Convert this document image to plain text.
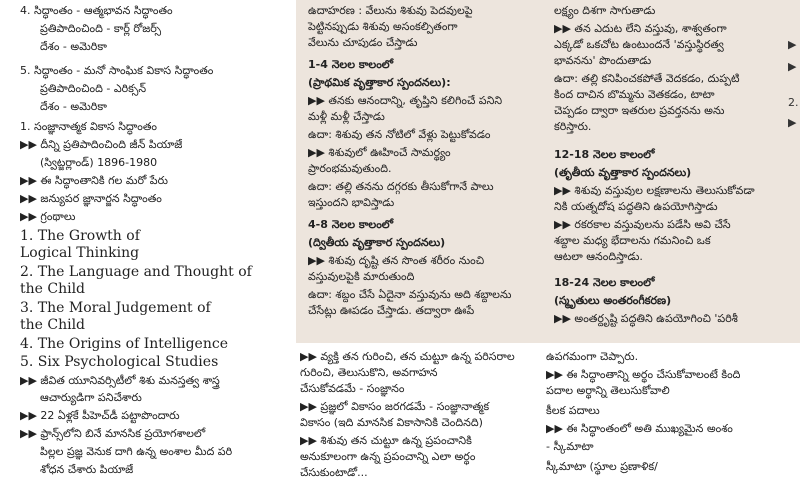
4. సిద్ధాంతం - ఆత్మభావన సిద్ధాంతం
ప్రతిపాదించింది - కార్ల్ రోజర్స్
దేశం - అమెరికా
5. సిద్ధాంతం - మనో సాంఘిక వికాస సిద్ధాంతం
ప్రతిపాదించింది - ఎరిక్సన్
దేశం - అమెరికా
1. సంజ్ఞానాత్మక వికాస సిద్ధాంతం
▶▶ దీన్ని ప్రతిపాదించింది జీన్ పియాజే
(స్విట్జర్లాండ్) 1896-1980
▶▶ ఈ సిద్ధాంతానికి గల మరో పేరు
▶▶ జన్యుపర జ్ఞానార్జన సిద్ధాంతం
▶▶ గ్రంథాలు
1. The Growth of
Logical Thinking
2. The Language and Thought of
the Child
3. The Moral Judgement of
the Child
4. The Origins of Intelligence
5. Six Psychological Studies
▶▶ జీవిత యూనివర్సిటీలో శిశు మనస్తత్వ శాస్త్ర
ఆచార్యుడిగా పనిచేశారు
▶▶ 22 ఏళ్లకే పీహెచ్‌డీ పట్టాపొందారు
▶▶ ఫ్రాన్స్‌లోని బినే మానసిక ప్రయోగశాలలో
పిల్లల ప్రజ్ఞ వెనుక దాగి ఉన్న అంశాల మీద పరి
శోధన చేశారు పియాజే
ఉదాహరణ : వేలును శిశువు పెదవులపై
పెట్టినప్పుడు శిశువు అసంకల్పితంగా
వేలును చూపుడం చేస్తాడు
1-4 నెలల కాలంలో
(ప్రాథమిక వృత్తాకార స్పందనలు):
▶▶ తనకు ఆనందాన్ని, తృప్తిని కలిగించే పనిని
మళ్లీ మళ్లీ చేస్తాడు
ఉదా: శిశువు తన నోటిలో వేళ్లు పెట్టుకోవడం
▶▶ శిశువులో ఊహించే సామర్థ్యం
ప్రారంభమవుతుంది.
ఉదా: తల్లి తనను దగ్గరకు తీసుకోగానే పాలు
ఇస్తుందని భావిస్తాడు
4-8 నెలల కాలంలో
(ద్వితీయ వృత్తాకార స్పందనలు)
▶▶ శిశువు దృష్టి తన సొంత శరీరం నుంచి
వస్తువులపైకి మారుతుంది
ఉదా: శబ్దం చేసే ఏదైనా వస్తువును అది శబ్దాలను
చేసేట్లు ఊపడం చేస్తాడు. తద్వారా ఊపే
లక్ష్యం దిశగా సాగుతాడు
▶▶ తన ఎదుట లేని వస్తువు, శాశ్వతంగా
ఎక్కడో ఒకచోట ఉంటుందనే 'వస్తుస్థిరత్వ
భావనను' పొందుతాడు
ఉదా: తల్లి కనిపించకపోతే వెదకడం, దుప్పటి
కింద దాచిన బొమ్మను వెతకడం, టాటా
చెప్పడం ద్వారా ఇతరుల ప్రవర్తనను అను
కరిస్తారు.
12-18 నెలల కాలంలో
(తృతీయ వృత్తాకార స్పందనలు)
▶▶ శిశువు వస్తువుల లక్షణాలను తెలుసుకోవడా
నికి యత్నదోష పద్ధతిని ఉపయోగిస్తాడు
▶▶ రకరకాల వస్తువులను పడేసి అవి చేసే
శబ్దాల మధ్య భేదాలను గమనించి ఒక
ఆటలా ఆనందిస్తాడు.
18-24 నెలల కాలంలో
(స్మృతులు అంతరంగీకరణ)
▶▶ అంతర్దృష్టి పద్ధతిని ఉపయోగించి 'పరిశీ
▶▶ వ్యక్తి తన గురించి, తన చుట్టూ ఉన్న పరిసరాల
గురించి, తెలుసుకొని, అవగాహన
చేసుకోవడమే - సంజ్ఞానం
▶▶ ప్రజ్ఞలో వికాసం జరగడమే - సంజ్ఞానాత్మక
వికాసం (ఇది మానసిక వికాసానికి చెందినది)
▶▶ శిశువు తన చుట్టూ ఉన్న ప్రపంచానికి
అనుకూలంగా ఉన్న ప్రపంచాన్ని ఎలా అర్థం
చేసుకుంటాడో...
ఉపగమంగా చెప్పారు.
▶▶ ఈ సిద్ధాంతాన్ని అర్థం చేసుకోవాలంటే కింది
పదాల అర్థాన్ని తెలుసుకోవాలి
కీలక పదాలు
▶▶ ఈ సిద్ధాంతంలో అతి ముఖ్యమైన అంశం
- స్కీమాటా
స్కీమాటా (స్థూల ప్రణాళిక/
▶
▶
2.
▶
